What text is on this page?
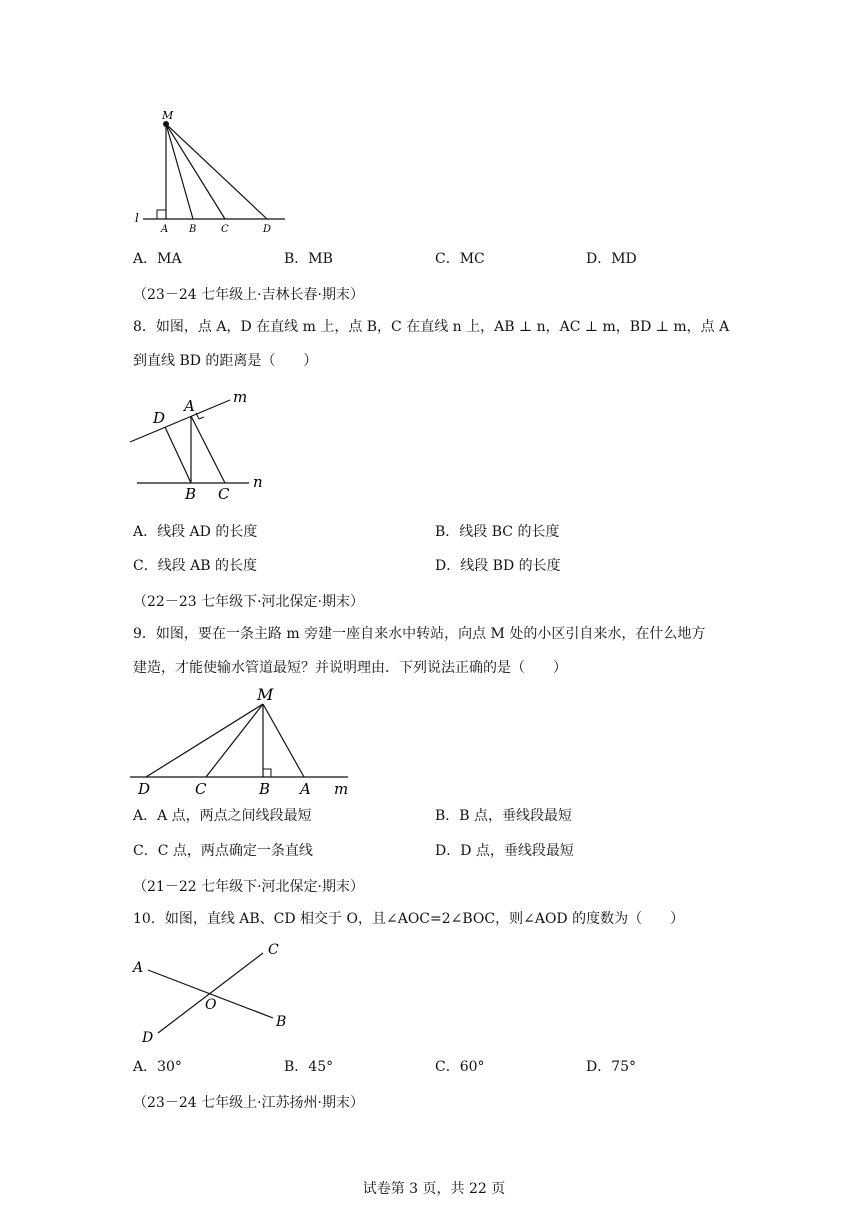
M
l
A B C	D
A．MA	B．MB	C．MC	D．MD
（23－24 七年级上·吉林长春·期末）
8．如图，点 A，D 在直线 m 上，点 B，C 在直线 n 上，AB ⊥ n，AC ⊥ m，BD ⊥ m，点 A
到直线 BD 的距离是（　　）
D
A	m
B C
n
A．线段 AD 的长度	B．线段 BC 的长度
C．线段 AB 的长度	D．线段 BD 的长度
（22－23 七年级下·河北保定·期末）
9．如图，要在一条主路 m 旁建一座自来水中转站，向点 M 处的小区引自来水，在什么地方
建造，才能使输水管道最短？并说明理由．下列说法正确的是（　　）
M
D	C	B A m
A．A 点，两点之间线段最短	B．B 点，垂线段最短
C．C 点，两点确定一条直线	D．D 点，垂线段最短
（21－22 七年级下·河北保定·期末）
10．如图，直线 AB、CD 相交于 O，且∠AOC=2∠BOC，则∠AOD 的度数为（　　）
A
C
O
D
B
A．30°	B．45°	C．60°	D．75°
（23－24 七年级上·江苏扬州·期末）
试卷第 3 页，共 22 页
